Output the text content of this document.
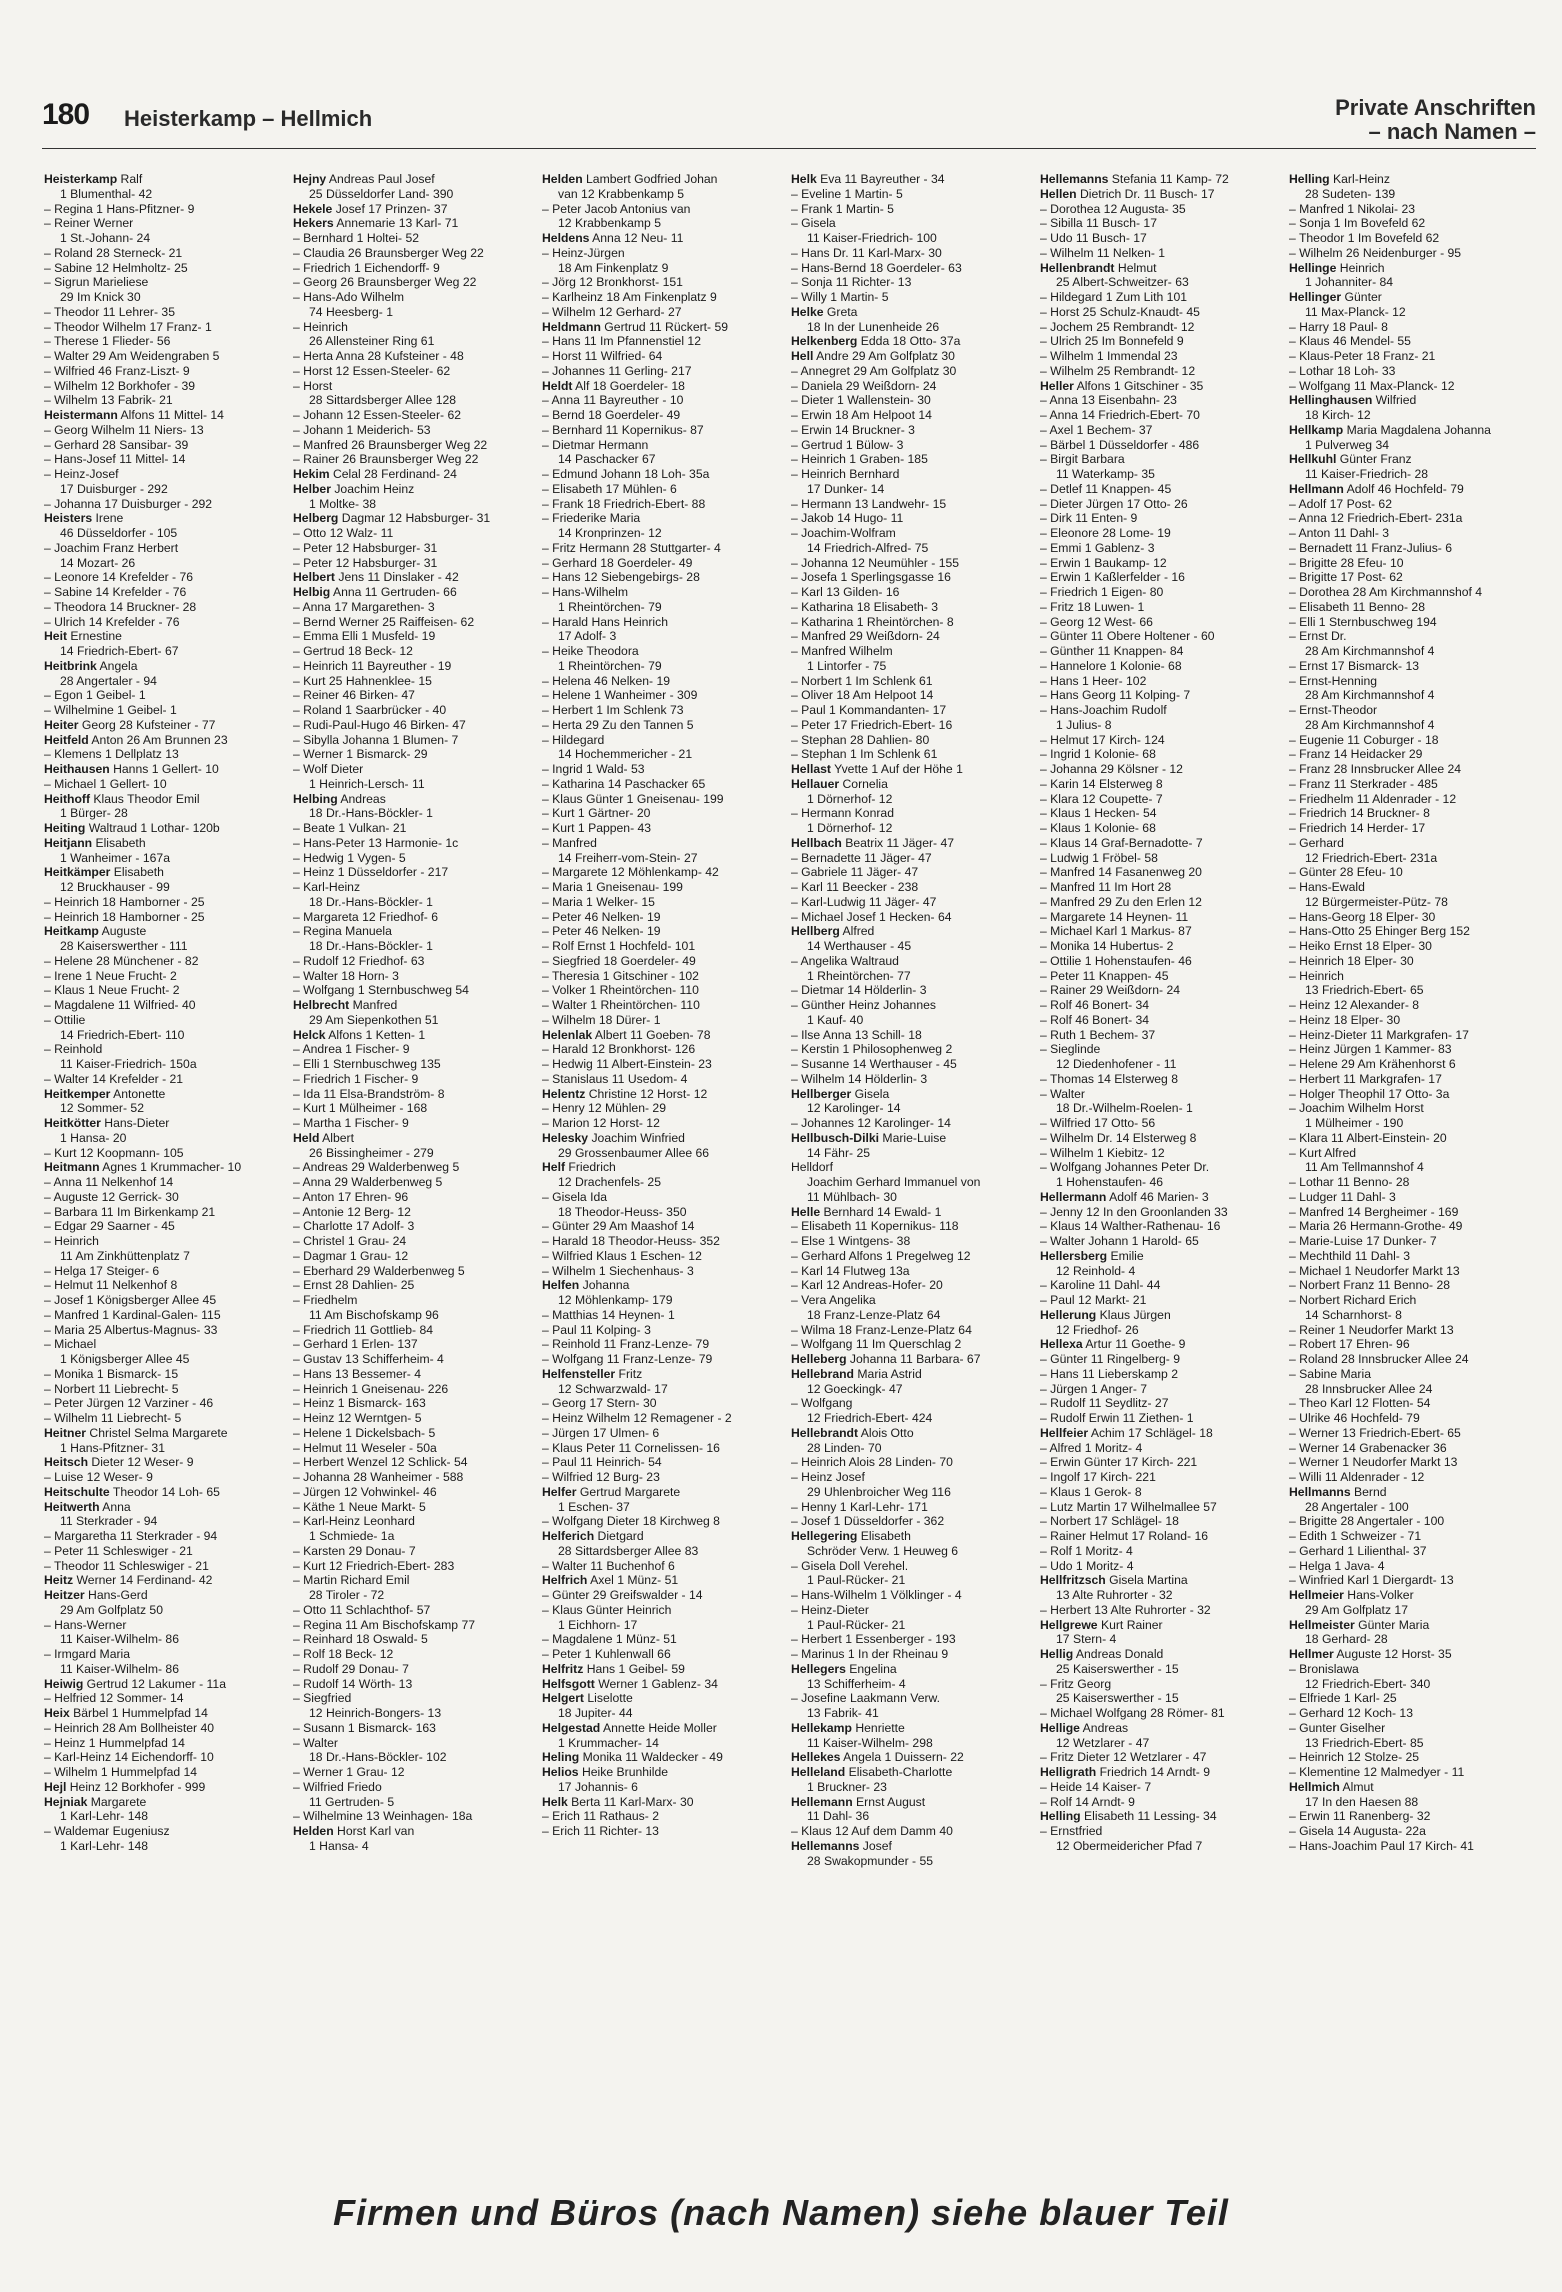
180 Heisterkamp – Hellmich	Private Anschriften
– nach Namen –
Heisterkamp Ralf
1 Blumenthal- 42
– Regina 1 Hans-Pfitzner- 9
– Reiner Werner
1 St.-Johann- 24
– Roland 28 Sterneck- 21
– Sabine 12 Helmholtz- 25
– Sigrun Marieliese
29 Im Knick 30
– Theodor 11 Lehrer- 35
– Theodor Wilhelm 17 Franz- 1
– Therese 1 Flieder- 56
– Walter 29 Am Weidengraben 5
– Wilfried 46 Franz-Liszt- 9
– Wilhelm 12 Borkhofer - 39
– Wilhelm 13 Fabrik- 21
Heistermann Alfons 11 Mittel- 14
– Georg Wilhelm 11 Niers- 13
– Gerhard 28 Sansibar- 39
– Hans-Josef 11 Mittel- 14
– Heinz-Josef
17 Duisburger - 292
– Johanna 17 Duisburger - 292
Heisters Irene
46 Düsseldorfer - 105
– Joachim Franz Herbert
14 Mozart- 26
– Leonore 14 Krefelder - 76
– Sabine 14 Krefelder - 76
– Theodora 14 Bruckner- 28
– Ulrich 14 Krefelder - 76
Heit Ernestine
14 Friedrich-Ebert- 67
Heitbrink Angela
28 Angertaler - 94
– Egon 1 Geibel- 1
– Wilhelmine 1 Geibel- 1
Heiter Georg 28 Kufsteiner - 77
Heitfeld Anton 26 Am Brunnen 23
– Klemens 1 Dellplatz 13
Heithausen Hanns 1 Gellert- 10
– Michael 1 Gellert- 10
Heithoff Klaus Theodor Emil
1 Bürger- 28
Heiting Waltraud 1 Lothar- 120b
Heitjann Elisabeth
1 Wanheimer - 167a
Heitkämper Elisabeth
12 Bruckhauser - 99
– Heinrich 18 Hamborner - 25
– Heinrich 18 Hamborner - 25
Heitkamp Auguste
28 Kaiserswerther - 111
– Helene 28 Münchener - 82
– Irene 1 Neue Frucht- 2
– Klaus 1 Neue Frucht- 2
– Magdalene 11 Wilfried- 40
– Ottilie
14 Friedrich-Ebert- 110
– Reinhold
11 Kaiser-Friedrich- 150a
– Walter 14 Krefelder - 21
Heitkemper Antonette
12 Sommer- 52
Heitkötter Hans-Dieter
1 Hansa- 20
– Kurt 12 Koopmann- 105
Heitmann Agnes 1 Krummacher- 10
– Anna 11 Nelkenhof 14
– Auguste 12 Gerrick- 30
– Barbara 11 Im Birkenkamp 21
– Edgar 29 Saarner - 45
– Heinrich
11 Am Zinkhüttenplatz 7
– Helga 17 Steiger- 6
– Helmut 11 Nelkenhof 8
– Josef 1 Königsberger Allee 45
– Manfred 1 Kardinal-Galen- 115
– Maria 25 Albertus-Magnus- 33
– Michael
1 Königsberger Allee 45
– Monika 1 Bismarck- 15
– Norbert 11 Liebrecht- 5
– Peter Jürgen 12 Varziner - 46
– Wilhelm 11 Liebrecht- 5
Heitner Christel Selma Margarete
1 Hans-Pfitzner- 31
Heitsch Dieter 12 Weser- 9
– Luise 12 Weser- 9
Heitschulte Theodor 14 Loh- 65
Heitwerth Anna
11 Sterkrader - 94
– Margaretha 11 Sterkrader - 94
– Peter 11 Schleswiger - 21
– Theodor 11 Schleswiger - 21
Heitz Werner 14 Ferdinand- 42
Heitzer Hans-Gerd
29 Am Golfplatz 50
– Hans-Werner
11 Kaiser-Wilhelm- 86
– Irmgard Maria
11 Kaiser-Wilhelm- 86
Heiwig Gertrud 12 Lakumer - 11a
– Helfried 12 Sommer- 14
Heix Bärbel 1 Hummelpfad 14
– Heinrich 28 Am Bollheister 40
– Heinz 1 Hummelpfad 14
– Karl-Heinz 14 Eichendorff- 10
– Wilhelm 1 Hummelpfad 14
Hejl Heinz 12 Borkhofer - 999
Hejniak Margarete
1 Karl-Lehr- 148
– Waldemar Eugeniusz
1 Karl-Lehr- 148
Hejny Andreas Paul Josef
25 Düsseldorfer Land- 390
Hekele Josef 17 Prinzen- 37
Hekers Annemarie 13 Karl- 71
– Bernhard 1 Holtei- 52
– Claudia 26 Braunsberger Weg 22
– Friedrich 1 Eichendorff- 9
– Georg 26 Braunsberger Weg 22
– Hans-Ado Wilhelm
74 Heesberg- 1
– Heinrich
26 Allensteiner Ring 61
– Herta Anna 28 Kufsteiner - 48
– Horst 12 Essen-Steeler- 62
– Horst
28 Sittardsberger Allee 128
– Johann 12 Essen-Steeler- 62
– Johann 1 Meiderich- 53
– Manfred 26 Braunsberger Weg 22
– Rainer 26 Braunsberger Weg 22
Hekim Celal 28 Ferdinand- 24
Helber Joachim Heinz
1 Moltke- 38
Helberg Dagmar 12 Habsburger- 31
– Otto 12 Walz- 11
– Peter 12 Habsburger- 31
– Peter 12 Habsburger- 31
Helbert Jens 11 Dinslaker - 42
Helbig Anna 11 Gertruden- 66
– Anna 17 Margarethen- 3
– Bernd Werner 25 Raiffeisen- 62
– Emma Elli 1 Musfeld- 19
– Gertrud 18 Beck- 12
– Heinrich 11 Bayreuther - 19
– Kurt 25 Hahnenklee- 15
– Reiner 46 Birken- 47
– Roland 1 Saarbrücker - 40
– Rudi-Paul-Hugo 46 Birken- 47
– Sibylla Johanna 1 Blumen- 7
– Werner 1 Bismarck- 29
– Wolf Dieter
1 Heinrich-Lersch- 11
Helbing Andreas
18 Dr.-Hans-Böckler- 1
– Beate 1 Vulkan- 21
– Hans-Peter 13 Harmonie- 1c
– Hedwig 1 Vygen- 5
– Heinz 1 Düsseldorfer - 217
– Karl-Heinz
18 Dr.-Hans-Böckler- 1
– Margareta 12 Friedhof- 6
– Regina Manuela
18 Dr.-Hans-Böckler- 1
– Rudolf 12 Friedhof- 63
– Walter 18 Horn- 3
– Wolfgang 1 Sternbuschweg 54
Helbrecht Manfred
29 Am Siepenkothen 51
Helck Alfons 1 Ketten- 1
– Andrea 1 Fischer- 9
– Elli 1 Sternbuschweg 135
– Friedrich 1 Fischer- 9
– Ida 11 Elsa-Brandström- 8
– Kurt 1 Mülheimer - 168
– Martha 1 Fischer- 9
Held Albert
26 Bissingheimer - 279
– Andreas 29 Walderbenweg 5
– Anna 29 Walderbenweg 5
– Anton 17 Ehren- 96
– Antonie 12 Berg- 12
– Charlotte 17 Adolf- 3
– Christel 1 Grau- 24
– Dagmar 1 Grau- 12
– Eberhard 29 Walderbenweg 5
– Ernst 28 Dahlien- 25
– Friedhelm
11 Am Bischofskamp 96
– Friedrich 11 Gottlieb- 84
– Gerhard 1 Erlen- 137
– Gustav 13 Schifferheim- 4
– Hans 13 Bessemer- 4
– Heinrich 1 Gneisenau- 226
– Heinz 1 Bismarck- 163
– Heinz 12 Werntgen- 5
– Helene 1 Dickelsbach- 5
– Helmut 11 Weseler - 50a
– Herbert Wenzel 12 Schlick- 54
– Johanna 28 Wanheimer - 588
– Jürgen 12 Vohwinkel- 46
– Käthe 1 Neue Markt- 5
– Karl-Heinz Leonhard
1 Schmiede- 1a
– Karsten 29 Donau- 7
– Kurt 12 Friedrich-Ebert- 283
– Martin Richard Emil
28 Tiroler - 72
– Otto 11 Schlachthof- 57
– Regina 11 Am Bischofskamp 77
– Reinhard 18 Oswald- 5
– Rolf 18 Beck- 12
– Rudolf 29 Donau- 7
– Rudolf 14 Wörth- 13
– Siegfried
12 Heinrich-Bongers- 13
– Susann 1 Bismarck- 163
– Walter
18 Dr.-Hans-Böckler- 102
– Werner 1 Grau- 12
– Wilfried Friedo
11 Gertruden- 5
– Wilhelmine 13 Weinhagen- 18a
Helden Horst Karl van
1 Hansa- 4
Helden Lambert Godfried Johan
van 12 Krabbenkamp 5
– Peter Jacob Antonius van
12 Krabbenkamp 5
Heldens Anna 12 Neu- 11
– Heinz-Jürgen
18 Am Finkenplatz 9
– Jörg 12 Bronkhorst- 151
– Karlheinz 18 Am Finkenplatz 9
– Wilhelm 12 Gerhard- 27
Heldmann Gertrud 11 Rückert- 59
– Hans 11 Im Pfannenstiel 12
– Horst 11 Wilfried- 64
– Johannes 11 Gerling- 217
Heldt Alf 18 Goerdeler- 18
– Anna 11 Bayreuther - 10
– Bernd 18 Goerdeler- 49
– Bernhard 11 Kopernikus- 87
– Dietmar Hermann
14 Paschacker 67
– Edmund Johann 18 Loh- 35a
– Elisabeth 17 Mühlen- 6
– Frank 18 Friedrich-Ebert- 88
– Friederike Maria
14 Kronprinzen- 12
– Fritz Hermann 28 Stuttgarter- 4
– Gerhard 18 Goerdeler- 49
– Hans 12 Siebengebirgs- 28
– Hans-Wilhelm
1 Rheintörchen- 79
– Harald Hans Heinrich
17 Adolf- 3
– Heike Theodora
1 Rheintörchen- 79
– Helena 46 Nelken- 19
– Helene 1 Wanheimer - 309
– Herbert 1 Im Schlenk 73
– Herta 29 Zu den Tannen 5
– Hildegard
14 Hochemmericher - 21
– Ingrid 1 Wald- 53
– Katharina 14 Paschacker 65
– Klaus Günter 1 Gneisenau- 199
– Kurt 1 Gärtner- 20
– Kurt 1 Pappen- 43
– Manfred
14 Freiherr-vom-Stein- 27
– Margarete 12 Möhlenkamp- 42
– Maria 1 Gneisenau- 199
– Maria 1 Welker- 15
– Peter 46 Nelken- 19
– Peter 46 Nelken- 19
– Rolf Ernst 1 Hochfeld- 101
– Siegfried 18 Goerdeler- 49
– Theresia 1 Gitschiner - 102
– Volker 1 Rheintörchen- 110
– Walter 1 Rheintörchen- 110
– Wilhelm 18 Dürer- 1
Helenlak Albert 11 Goeben- 78
– Harald 12 Bronkhorst- 126
– Hedwig 11 Albert-Einstein- 23
– Stanislaus 11 Usedom- 4
Helentz Christine 12 Horst- 12
– Henry 12 Mühlen- 29
– Marion 12 Horst- 12
Helesky Joachim Winfried
29 Grossenbaumer Allee 66
Helf Friedrich
12 Drachenfels- 25
– Gisela Ida
18 Theodor-Heuss- 350
– Günter 29 Am Maashof 14
– Harald 18 Theodor-Heuss- 352
– Wilfried Klaus 1 Eschen- 12
– Wilhelm 1 Siechenhaus- 3
Helfen Johanna
12 Möhlenkamp- 179
– Matthias 14 Heynen- 1
– Paul 11 Kolping- 3
– Reinhold 11 Franz-Lenze- 79
– Wolfgang 11 Franz-Lenze- 79
Helfensteller Fritz
12 Schwarzwald- 17
– Georg 17 Stern- 30
– Heinz Wilhelm 12 Remagener - 2
– Jürgen 17 Ulmen- 6
– Klaus Peter 11 Cornelissen- 16
– Paul 11 Heinrich- 54
– Wilfried 12 Burg- 23
Helfer Gertrud Margarete
1 Eschen- 37
– Wolfgang Dieter 18 Kirchweg 8
Helferich Dietgard
28 Sittardsberger Allee 83
– Walter 11 Buchenhof 6
Helfrich Axel 1 Münz- 51
– Günter 29 Greifswalder - 14
– Klaus Günter Heinrich
1 Eichhorn- 17
– Magdalene 1 Münz- 51
– Peter 1 Kuhlenwall 66
Helfritz Hans 1 Geibel- 59
Helfsgott Werner 1 Gablenz- 34
Helgert Liselotte
18 Jupiter- 44
Helgestad Annette Heide Moller
1 Krummacher- 14
Heling Monika 11 Waldecker - 49
Helios Heike Brunhilde
17 Johannis- 6
Helk Berta 11 Karl-Marx- 30
– Erich 11 Rathaus- 2
– Erich 11 Richter- 13
Helk Eva 11 Bayreuther - 34
– Eveline 1 Martin- 5
– Frank 1 Martin- 5
– Gisela
11 Kaiser-Friedrich- 100
– Hans Dr. 11 Karl-Marx- 30
– Hans-Bernd 18 Goerdeler- 63
– Sonja 11 Richter- 13
– Willy 1 Martin- 5
Helke Greta
18 In der Lunenheide 26
Helkenberg Edda 18 Otto- 37a
Hell Andre 29 Am Golfplatz 30
– Annegret 29 Am Golfplatz 30
– Daniela 29 Weißdorn- 24
– Dieter 1 Wallenstein- 30
– Erwin 18 Am Helpoot 14
– Erwin 14 Bruckner- 3
– Gertrud 1 Bülow- 3
– Heinrich 1 Graben- 185
– Heinrich Bernhard
17 Dunker- 14
– Hermann 13 Landwehr- 15
– Jakob 14 Hugo- 11
– Joachim-Wolfram
14 Friedrich-Alfred- 75
– Johanna 12 Neumühler - 155
– Josefa 1 Sperlingsgasse 16
– Karl 13 Gilden- 16
– Katharina 18 Elisabeth- 3
– Katharina 1 Rheintörchen- 8
– Manfred 29 Weißdorn- 24
– Manfred Wilhelm
1 Lintorfer - 75
– Norbert 1 Im Schlenk 61
– Oliver 18 Am Helpoot 14
– Paul 1 Kommandanten- 17
– Peter 17 Friedrich-Ebert- 16
– Stephan 28 Dahlien- 80
– Stephan 1 Im Schlenk 61
Hellast Yvette 1 Auf der Höhe 1
Hellauer Cornelia
1 Dörnerhof- 12
– Hermann Konrad
1 Dörnerhof- 12
Hellbach Beatrix 11 Jäger- 47
– Bernadette 11 Jäger- 47
– Gabriele 11 Jäger- 47
– Karl 11 Beecker - 238
– Karl-Ludwig 11 Jäger- 47
– Michael Josef 1 Hecken- 64
Hellberg Alfred
14 Werthauser - 45
– Angelika Waltraud
1 Rheintörchen- 77
– Dietmar 14 Hölderlin- 3
– Günther Heinz Johannes
1 Kauf- 40
– Ilse Anna 13 Schill- 18
– Kerstin 1 Philosophenweg 2
– Susanne 14 Werthauser - 45
– Wilhelm 14 Hölderlin- 3
Hellberger Gisela
12 Karolinger- 14
– Johannes 12 Karolinger- 14
Hellbusch-Dilki Marie-Luise
14 Fähr- 25
Helldorf
Joachim Gerhard Immanuel von
11 Mühlbach- 30
Helle Bernhard 14 Ewald- 1
– Elisabeth 11 Kopernikus- 118
– Else 1 Wintgens- 38
– Gerhard Alfons 1 Pregelweg 12
– Karl 14 Flutweg 13a
– Karl 12 Andreas-Hofer- 20
– Vera Angelika
18 Franz-Lenze-Platz 64
– Wilma 18 Franz-Lenze-Platz 64
– Wolfgang 11 Im Querschlag 2
Helleberg Johanna 11 Barbara- 67
Hellebrand Maria Astrid
12 Goeckingk- 47
– Wolfgang
12 Friedrich-Ebert- 424
Hellebrandt Alois Otto
28 Linden- 70
– Heinrich Alois 28 Linden- 70
– Heinz Josef
29 Uhlenbroicher Weg 116
– Henny 1 Karl-Lehr- 171
– Josef 1 Düsseldorfer - 362
Hellegering Elisabeth
Schröder Verw. 1 Heuweg 6
– Gisela Doll Verehel.
1 Paul-Rücker- 21
– Hans-Wilhelm 1 Völklinger - 4
– Heinz-Dieter
1 Paul-Rücker- 21
– Herbert 1 Essenberger - 193
– Marinus 1 In der Rheinau 9
Hellegers Engelina
13 Schifferheim- 4
– Josefine Laakmann Verw.
13 Fabrik- 41
Hellekamp Henriette
11 Kaiser-Wilhelm- 298
Hellekes Angela 1 Duissern- 22
Helleland Elisabeth-Charlotte
1 Bruckner- 23
Hellemann Ernst August
11 Dahl- 36
– Klaus 12 Auf dem Damm 40
Hellemanns Josef
28 Swakopmunder - 55
Hellemanns Stefania 11 Kamp- 72
Hellen Dietrich Dr. 11 Busch- 17
– Dorothea 12 Augusta- 35
– Sibilla 11 Busch- 17
– Udo 11 Busch- 17
– Wilhelm 11 Nelken- 1
Hellenbrandt Helmut
25 Albert-Schweitzer- 63
– Hildegard 1 Zum Lith 101
– Horst 25 Schulz-Knaudt- 45
– Jochem 25 Rembrandt- 12
– Ulrich 25 Im Bonnefeld 9
– Wilhelm 1 Immendal 23
– Wilhelm 25 Rembrandt- 12
Heller Alfons 1 Gitschiner - 35
– Anna 13 Eisenbahn- 23
– Anna 14 Friedrich-Ebert- 70
– Axel 1 Bechem- 37
– Bärbel 1 Düsseldorfer - 486
– Birgit Barbara
11 Waterkamp- 35
– Detlef 11 Knappen- 45
– Dieter Jürgen 17 Otto- 26
– Dirk 11 Enten- 9
– Eleonore 28 Lome- 19
– Emmi 1 Gablenz- 3
– Erwin 1 Baukamp- 12
– Erwin 1 Kaßlerfelder - 16
– Friedrich 1 Eigen- 80
– Fritz 18 Luwen- 1
– Georg 12 West- 66
– Günter 11 Obere Holtener - 60
– Günther 11 Knappen- 84
– Hannelore 1 Kolonie- 68
– Hans 1 Heer- 102
– Hans Georg 11 Kolping- 7
– Hans-Joachim Rudolf
1 Julius- 8
– Helmut 17 Kirch- 124
– Ingrid 1 Kolonie- 68
– Johanna 29 Kölsner - 12
– Karin 14 Elsterweg 8
– Klara 12 Coupette- 7
– Klaus 1 Hecken- 54
– Klaus 1 Kolonie- 68
– Klaus 14 Graf-Bernadotte- 7
– Ludwig 1 Fröbel- 58
– Manfred 14 Fasanenweg 20
– Manfred 11 Im Hort 28
– Manfred 29 Zu den Erlen 12
– Margarete 14 Heynen- 11
– Michael Karl 1 Markus- 87
– Monika 14 Hubertus- 2
– Ottilie 1 Hohenstaufen- 46
– Peter 11 Knappen- 45
– Rainer 29 Weißdorn- 24
– Rolf 46 Bonert- 34
– Rolf 46 Bonert- 34
– Ruth 1 Bechem- 37
– Sieglinde
12 Diedenhofener - 11
– Thomas 14 Elsterweg 8
– Walter
18 Dr.-Wilhelm-Roelen- 1
– Wilfried 17 Otto- 56
– Wilhelm Dr. 14 Elsterweg 8
– Wilhelm 1 Kiebitz- 12
– Wolfgang Johannes Peter Dr.
1 Hohenstaufen- 46
Hellermann Adolf 46 Marien- 3
– Jenny 12 In den Groonlanden 33
– Klaus 14 Walther-Rathenau- 16
– Walter Johann 1 Harold- 65
Hellersberg Emilie
12 Reinhold- 4
– Karoline 11 Dahl- 44
– Paul 12 Markt- 21
Hellerung Klaus Jürgen
12 Friedhof- 26
Hellexa Artur 11 Goethe- 9
– Günter 11 Ringelberg- 9
– Hans 11 Lieberskamp 2
– Jürgen 1 Anger- 7
– Rudolf 11 Seydlitz- 27
– Rudolf Erwin 11 Ziethen- 1
Hellfeier Achim 17 Schlägel- 18
– Alfred 1 Moritz- 4
– Erwin Günter 17 Kirch- 221
– Ingolf 17 Kirch- 221
– Klaus 1 Gerok- 8
– Lutz Martin 17 Wilhelmallee 57
– Norbert 17 Schlägel- 18
– Rainer Helmut 17 Roland- 16
– Rolf 1 Moritz- 4
– Udo 1 Moritz- 4
Hellfritzsch Gisela Martina
13 Alte Ruhrorter - 32
– Herbert 13 Alte Ruhrorter - 32
Hellgrewe Kurt Rainer
17 Stern- 4
Hellig Andreas Donald
25 Kaiserswerther - 15
– Fritz Georg
25 Kaiserswerther - 15
– Michael Wolfgang 28 Römer- 81
Hellige Andreas
12 Wetzlarer - 47
– Fritz Dieter 12 Wetzlarer - 47
Helligrath Friedrich 14 Arndt- 9
– Heide 14 Kaiser- 7
– Rolf 14 Arndt- 9
Helling Elisabeth 11 Lessing- 34
– Ernstfried
12 Obermeidericher Pfad 7
Helling Karl-Heinz
28 Sudeten- 139
– Manfred 1 Nikolai- 23
– Sonja 1 Im Bovefeld 62
– Theodor 1 Im Bovefeld 62
– Wilhelm 26 Neidenburger - 95
Hellinge Heinrich
1 Johanniter- 84
Hellinger Günter
11 Max-Planck- 12
– Harry 18 Paul- 8
– Klaus 46 Mendel- 55
– Klaus-Peter 18 Franz- 21
– Lothar 18 Loh- 33
– Wolfgang 11 Max-Planck- 12
Hellinghausen Wilfried
18 Kirch- 12
Hellkamp Maria Magdalena Johanna
1 Pulverweg 34
Hellkuhl Günter Franz
11 Kaiser-Friedrich- 28
Hellmann Adolf 46 Hochfeld- 79
– Adolf 17 Post- 62
– Anna 12 Friedrich-Ebert- 231a
– Anton 11 Dahl- 3
– Bernadett 11 Franz-Julius- 6
– Brigitte 28 Efeu- 10
– Brigitte 17 Post- 62
– Dorothea 28 Am Kirchmannshof 4
– Elisabeth 11 Benno- 28
– Elli 1 Sternbuschweg 194
– Ernst Dr.
28 Am Kirchmannshof 4
– Ernst 17 Bismarck- 13
– Ernst-Henning
28 Am Kirchmannshof 4
– Ernst-Theodor
28 Am Kirchmannshof 4
– Eugenie 11 Coburger - 18
– Franz 14 Heidacker 29
– Franz 28 Innsbrucker Allee 24
– Franz 11 Sterkrader - 485
– Friedhelm 11 Aldenrader - 12
– Friedrich 14 Bruckner- 8
– Friedrich 14 Herder- 17
– Gerhard
12 Friedrich-Ebert- 231a
– Günter 28 Efeu- 10
– Hans-Ewald
12 Bürgermeister-Pütz- 78
– Hans-Georg 18 Elper- 30
– Hans-Otto 25 Ehinger Berg 152
– Heiko Ernst 18 Elper- 30
– Heinrich 18 Elper- 30
– Heinrich
13 Friedrich-Ebert- 65
– Heinz 12 Alexander- 8
– Heinz 18 Elper- 30
– Heinz-Dieter 11 Markgrafen- 17
– Heinz Jürgen 1 Kammer- 83
– Helene 29 Am Krähenhorst 6
– Herbert 11 Markgrafen- 17
– Holger Theophil 17 Otto- 3a
– Joachim Wilhelm Horst
1 Mülheimer - 190
– Klara 11 Albert-Einstein- 20
– Kurt Alfred
11 Am Tellmannshof 4
– Lothar 11 Benno- 28
– Ludger 11 Dahl- 3
– Manfred 14 Bergheimer - 169
– Maria 26 Hermann-Grothe- 49
– Marie-Luise 17 Dunker- 7
– Mechthild 11 Dahl- 3
– Michael 1 Neudorfer Markt 13
– Norbert Franz 11 Benno- 28
– Norbert Richard Erich
14 Scharnhorst- 8
– Reiner 1 Neudorfer Markt 13
– Robert 17 Ehren- 96
– Roland 28 Innsbrucker Allee 24
– Sabine Maria
28 Innsbrucker Allee 24
– Theo Karl 12 Flotten- 54
– Ulrike 46 Hochfeld- 79
– Werner 13 Friedrich-Ebert- 65
– Werner 14 Grabenacker 36
– Werner 1 Neudorfer Markt 13
– Willi 11 Aldenrader - 12
Hellmanns Bernd
28 Angertaler - 100
– Brigitte 28 Angertaler - 100
– Edith 1 Schweizer - 71
– Gerhard 1 Lilienthal- 37
– Helga 1 Java- 4
– Winfried Karl 1 Diergardt- 13
Hellmeier Hans-Volker
29 Am Golfplatz 17
Hellmeister Günter Maria
18 Gerhard- 28
Hellmer Auguste 12 Horst- 35
– Bronislawa
12 Friedrich-Ebert- 340
– Elfriede 1 Karl- 25
– Gerhard 12 Koch- 13
– Gunter Giselher
13 Friedrich-Ebert- 85
– Heinrich 12 Stolze- 25
– Klementine 12 Malmedyer - 11
Hellmich Almut
17 In den Haesen 88
– Erwin 11 Ranenberg- 32
– Gisela 14 Augusta- 22a
– Hans-Joachim Paul 17 Kirch- 41
Firmen und Büros (nach Namen) siehe blauer Teil
